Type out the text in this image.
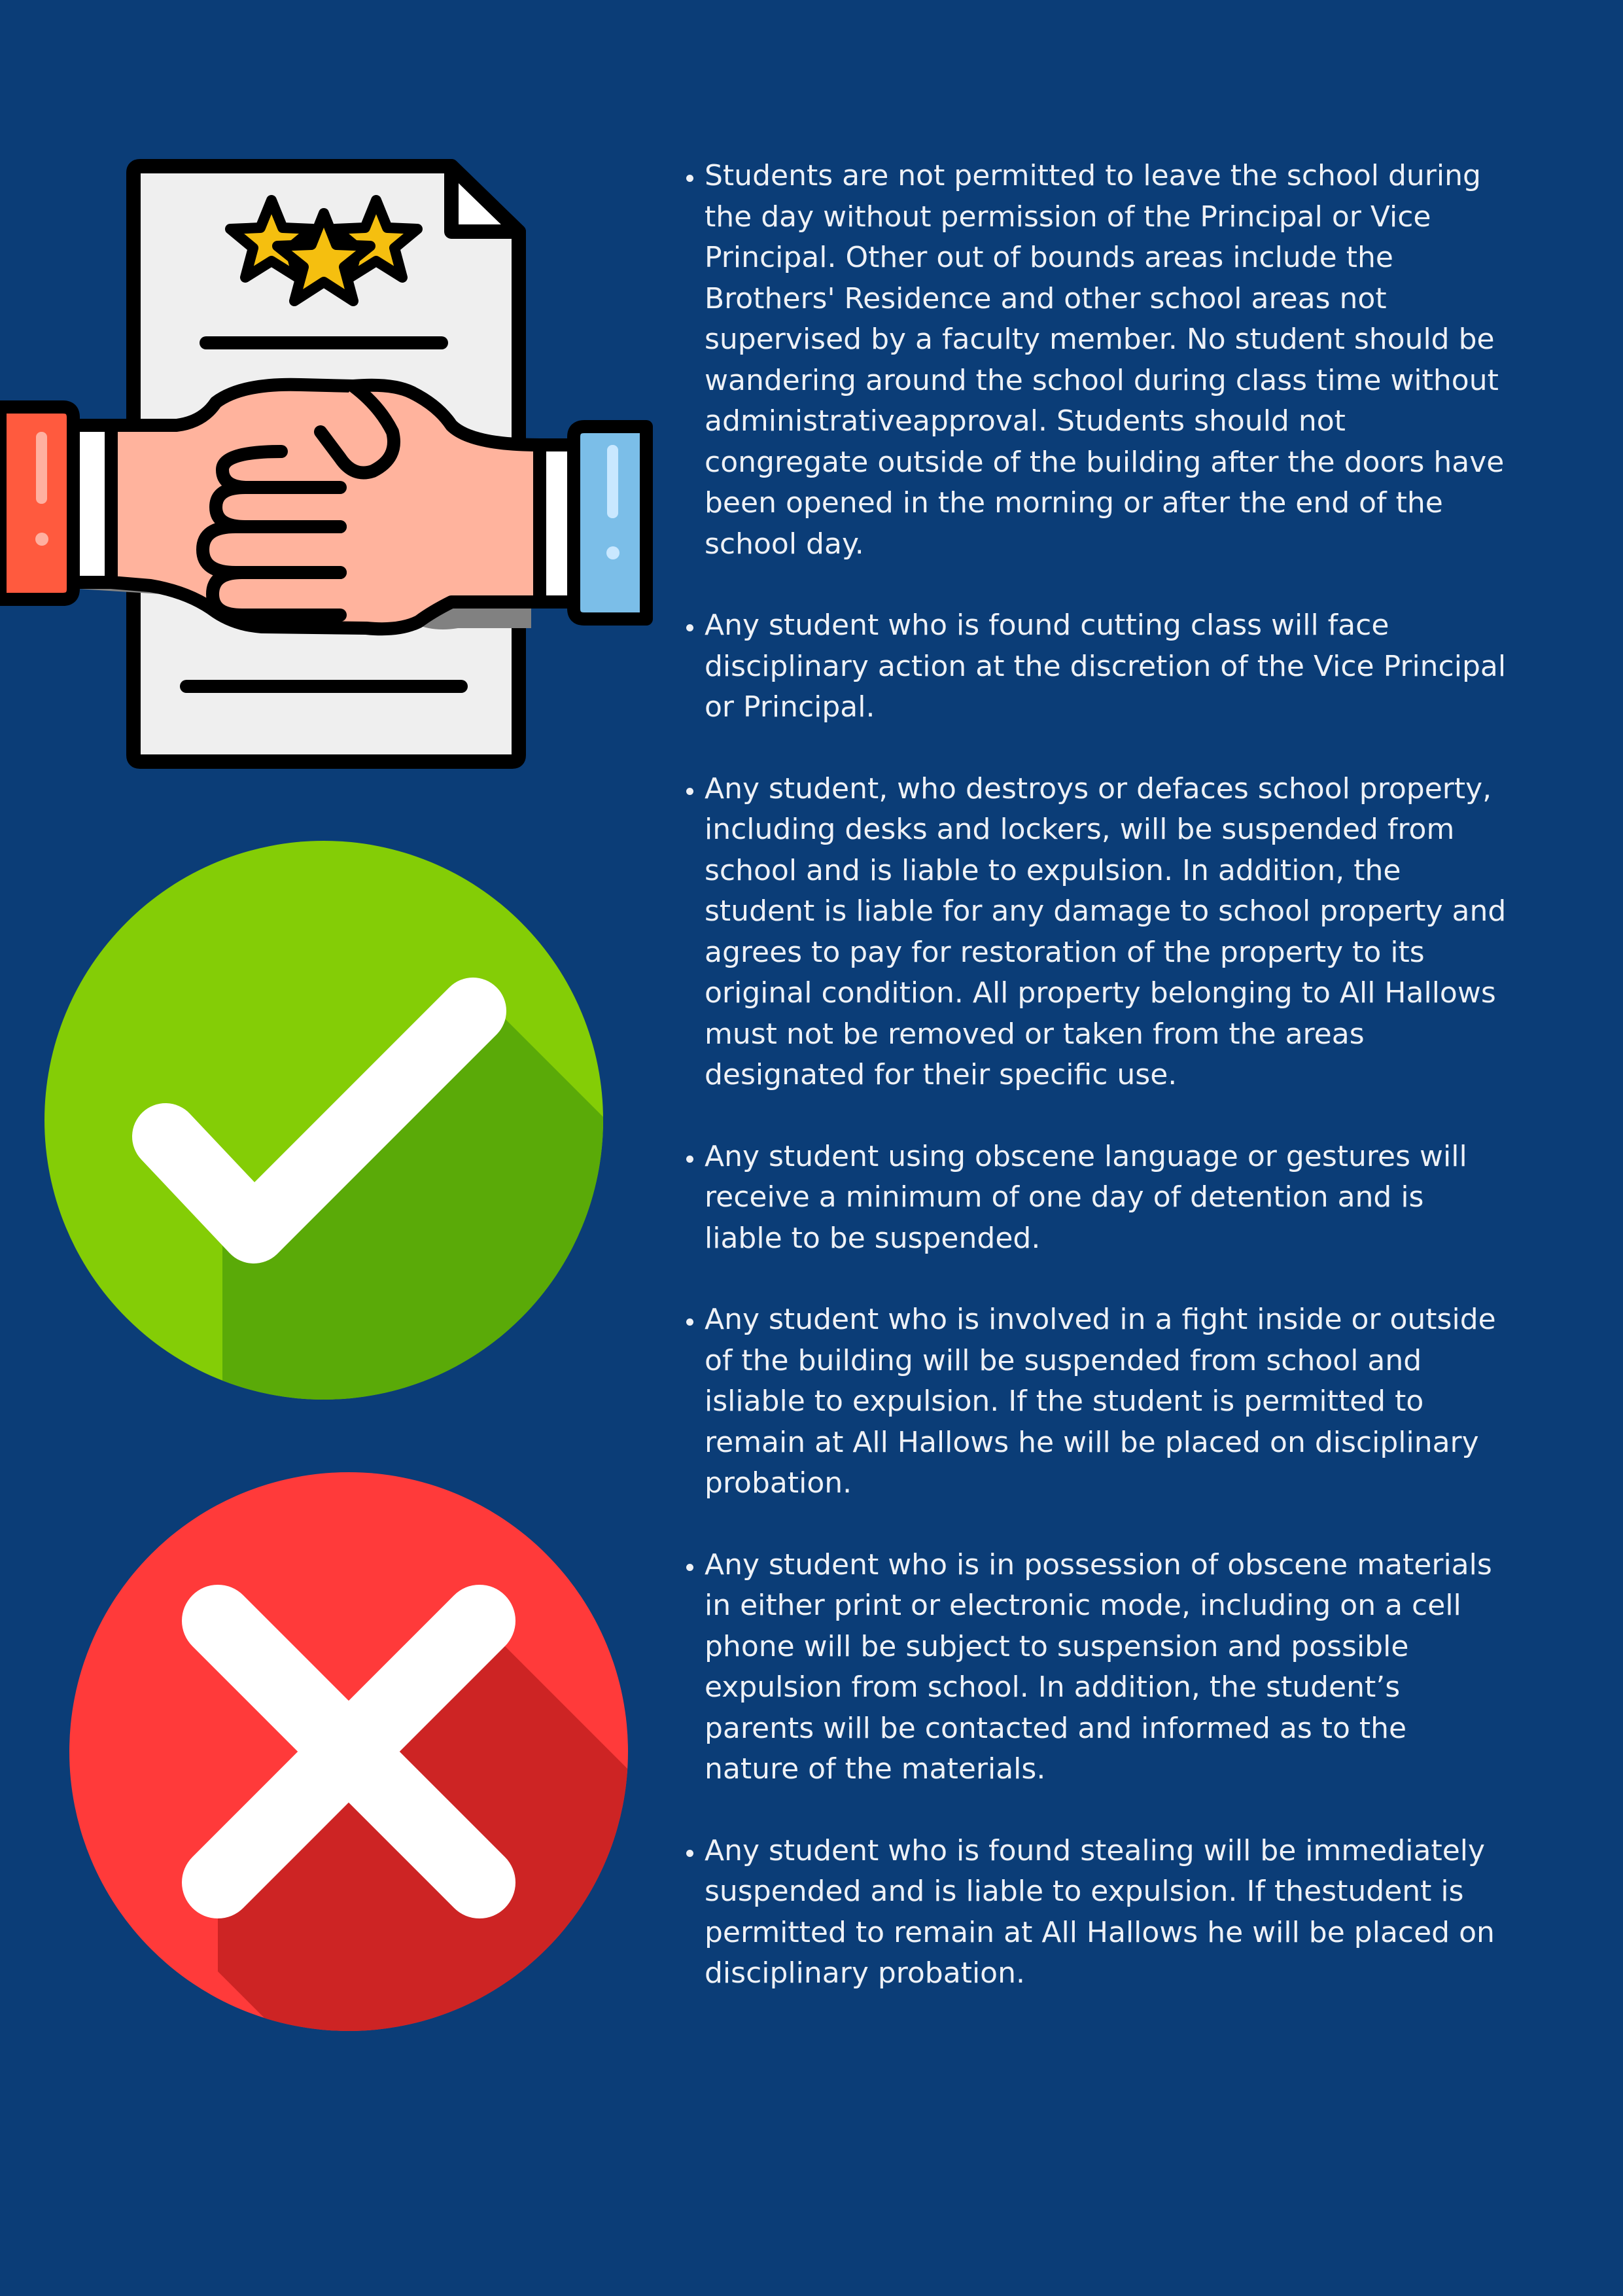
• Students are not permitted to leave the school during the day without permission of the Principal or Vice Principal. Other out of bounds areas include the Brothers' Residence and other school areas not supervised by a faculty member. No student should be wandering around the school during class time without administrativeapproval. Students should not congregate outside of the building after the doors have been opened in the morning or after the end of the school day.
• Any student who is found cutting class will face disciplinary action at the discretion of the Vice Principal or Principal.
• Any student, who destroys or defaces school property, including desks and lockers, will be suspended from school and is liable to expulsion. In addition, the student is liable for any damage to school property and agrees to pay for restoration of the property to its original condition. All property belonging to All Hallows must not be removed or taken from the areas designated for their specific use.
• Any student using obscene language or gestures will receive a minimum of one day of detention and is liable to be suspended.
• Any student who is involved in a fight inside or outside of the building will be suspended from school and isliable to expulsion. If the student is permitted to remain at All Hallows he will be placed on disciplinary probation.
• Any student who is in possession of obscene materials in either print or electronic mode, including on a cell phone will be subject to suspension and possible expulsion from school. In addition, the student’s parents will be contacted and informed as to the nature of the materials.
• Any student who is found stealing will be immediately suspended and is liable to expulsion. If thestudent is permitted to remain at All Hallows he will be placed on disciplinary probation.
